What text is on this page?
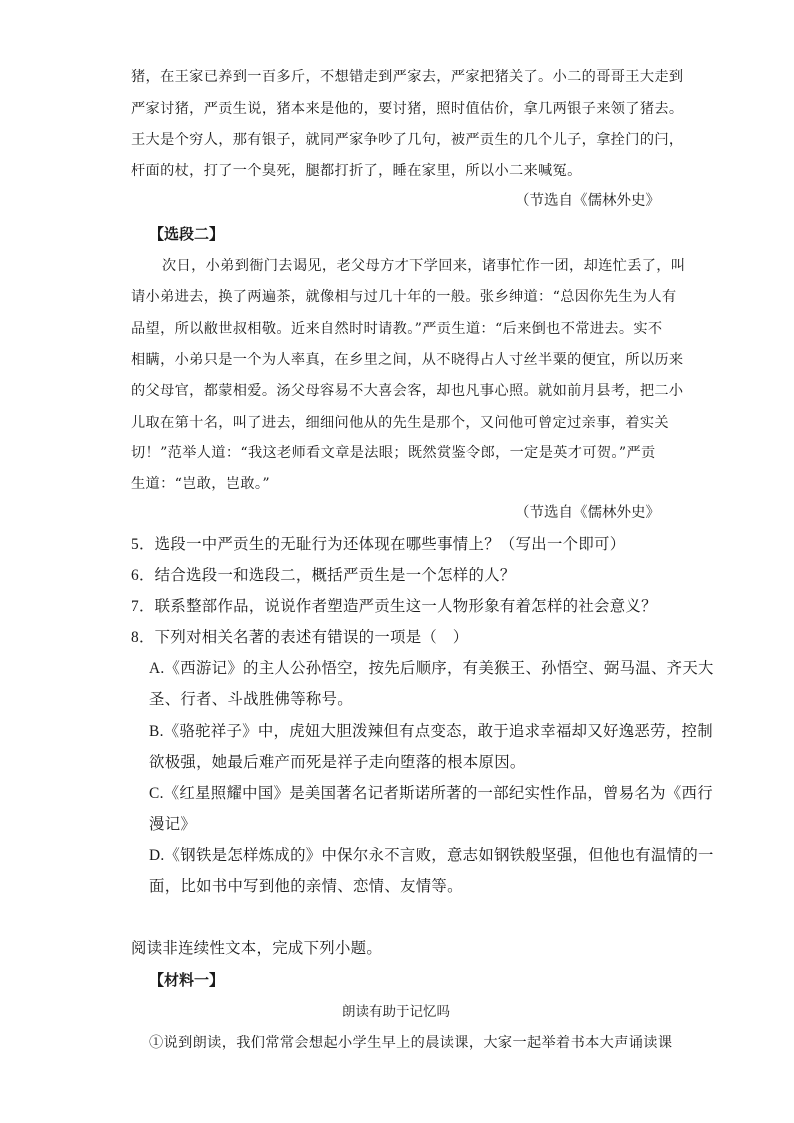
猪，在王家已养到一百多斤，不想错走到严家去，严家把猪关了。小二的哥哥王大走到
严家讨猪，严贡生说，猪本来是他的，要讨猪，照时值估价，拿几两银子来领了猪去。
王大是个穷人，那有银子，就同严家争吵了几句，被严贡生的几个儿子，拿拴门的闩，
杆面的杖，打了一个臭死，腿都打折了，睡在家里，所以小二来喊冤。
（节选自《儒林外史》
【选段二】
次日，小弟到衙门去谒见，老父母方才下学回来，诸事忙作一团，却连忙丢了，叫
请小弟进去，换了两遍茶，就像相与过几十年的一般。张乡绅道：“总因你先生为人有
品望，所以敝世叔相敬。近来自然时时请教。”严贡生道：“后来倒也不常进去。实不
相瞒，小弟只是一个为人率真，在乡里之间，从不晓得占人寸丝半粟的便宜，所以历来
的父母官，都蒙相爱。汤父母容易不大喜会客，却也凡事心照。就如前月县考，把二小
儿取在第十名，叫了进去，细细问他从的先生是那个，又问他可曾定过亲事，着实关
切！”范举人道：“我这老师看文章是法眼；既然赏鉴令郎，一定是英才可贺。”严贡
生道：“岂敢，岂敢。”
（节选自《儒林外史》
5．选段一中严贡生的无耻行为还体现在哪些事情上？（写出一个即可）
6．结合选段一和选段二，概括严贡生是一个怎样的人？
7．联系整部作品，说说作者塑造严贡生这一人物形象有着怎样的社会意义？
8．下列对相关名著的表述有错误的一项是（　）
A.《西游记》的主人公孙悟空，按先后顺序，有美猴王、孙悟空、弼马温、齐天大
圣、行者、斗战胜佛等称号。
B.《骆驼祥子》中，虎妞大胆泼辣但有点变态，敢于追求幸福却又好逸恶劳，控制
欲极强，她最后难产而死是祥子走向堕落的根本原因。
C.《红星照耀中国》是美国著名记者斯诺所著的一部纪实性作品，曾易名为《西行
漫记》
D.《钢铁是怎样炼成的》中保尔永不言败，意志如钢铁般坚强，但他也有温情的一
面，比如书中写到他的亲情、恋情、友情等。
阅读非连续性文本，完成下列小题。
【材料一】
朗读有助于记忆吗
①说到朗读，我们常常会想起小学生早上的晨读课，大家一起举着书本大声诵读课
